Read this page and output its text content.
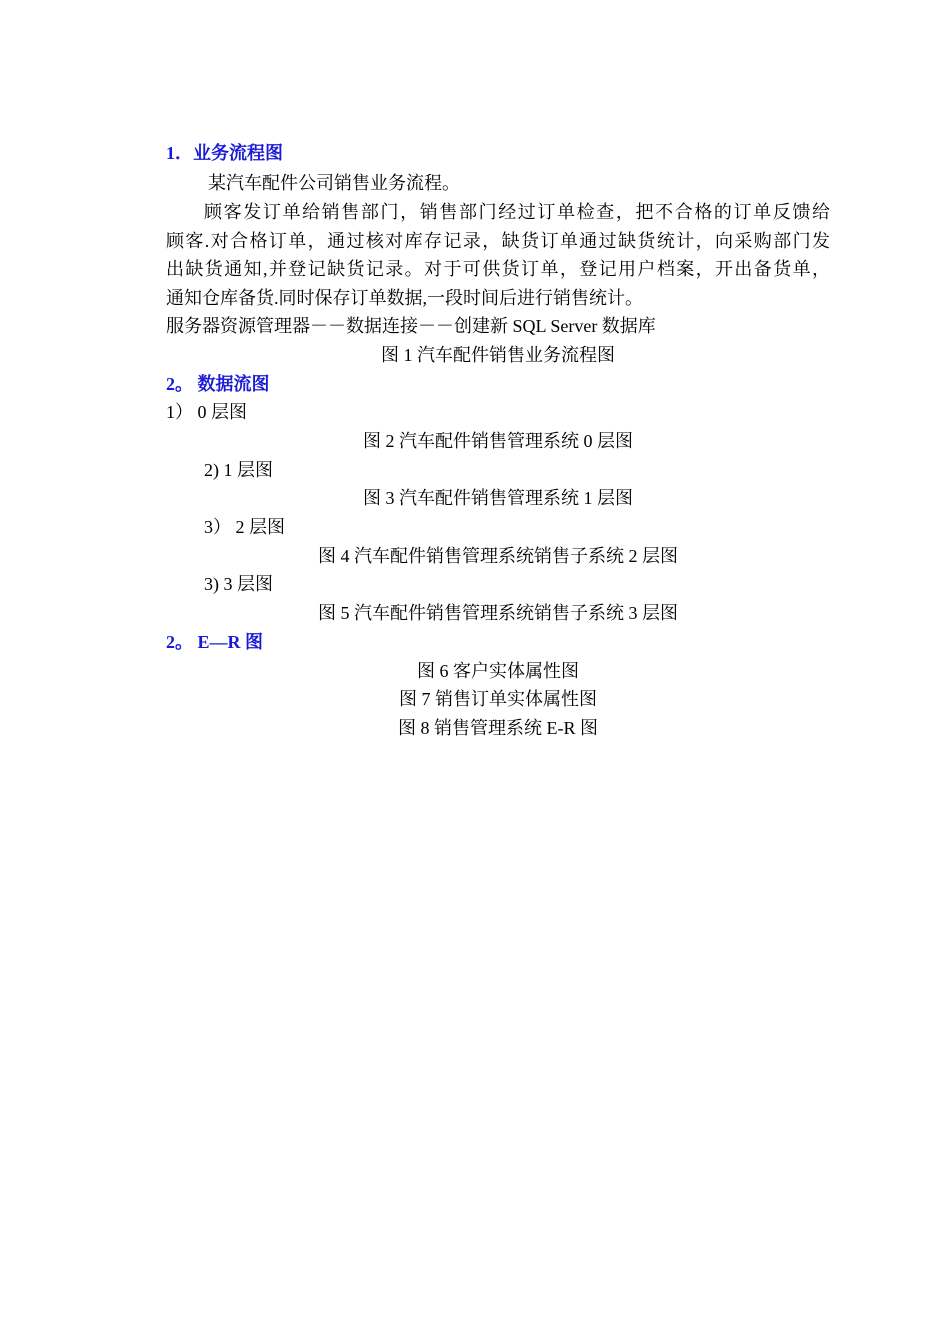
1．业务流程图
某汽车配件公司销售业务流程。
顾客发订单给销售部门，销售部门经过订单检查，把不合格的订单反馈给
顾客.对合格订单，通过核对库存记录，缺货订单通过缺货统计，向采购部门发
出缺货通知,并登记缺货记录。对于可供货订单，登记用户档案，开出备货单，
通知仓库备货.同时保存订单数据,一段时间后进行销售统计。
服务器资源管理器－－数据连接－－创建新 SQL Server 数据库
图 1 汽车配件销售业务流程图
2。 数据流图
1） 0 层图
图 2 汽车配件销售管理系统 0 层图
2) 1 层图
图 3 汽车配件销售管理系统 1 层图
3） 2 层图
图 4 汽车配件销售管理系统销售子系统 2 层图
3) 3 层图
图 5 汽车配件销售管理系统销售子系统 3 层图
2。 E—R 图
图 6 客户实体属性图
图 7 销售订单实体属性图
图 8 销售管理系统 E-R 图
